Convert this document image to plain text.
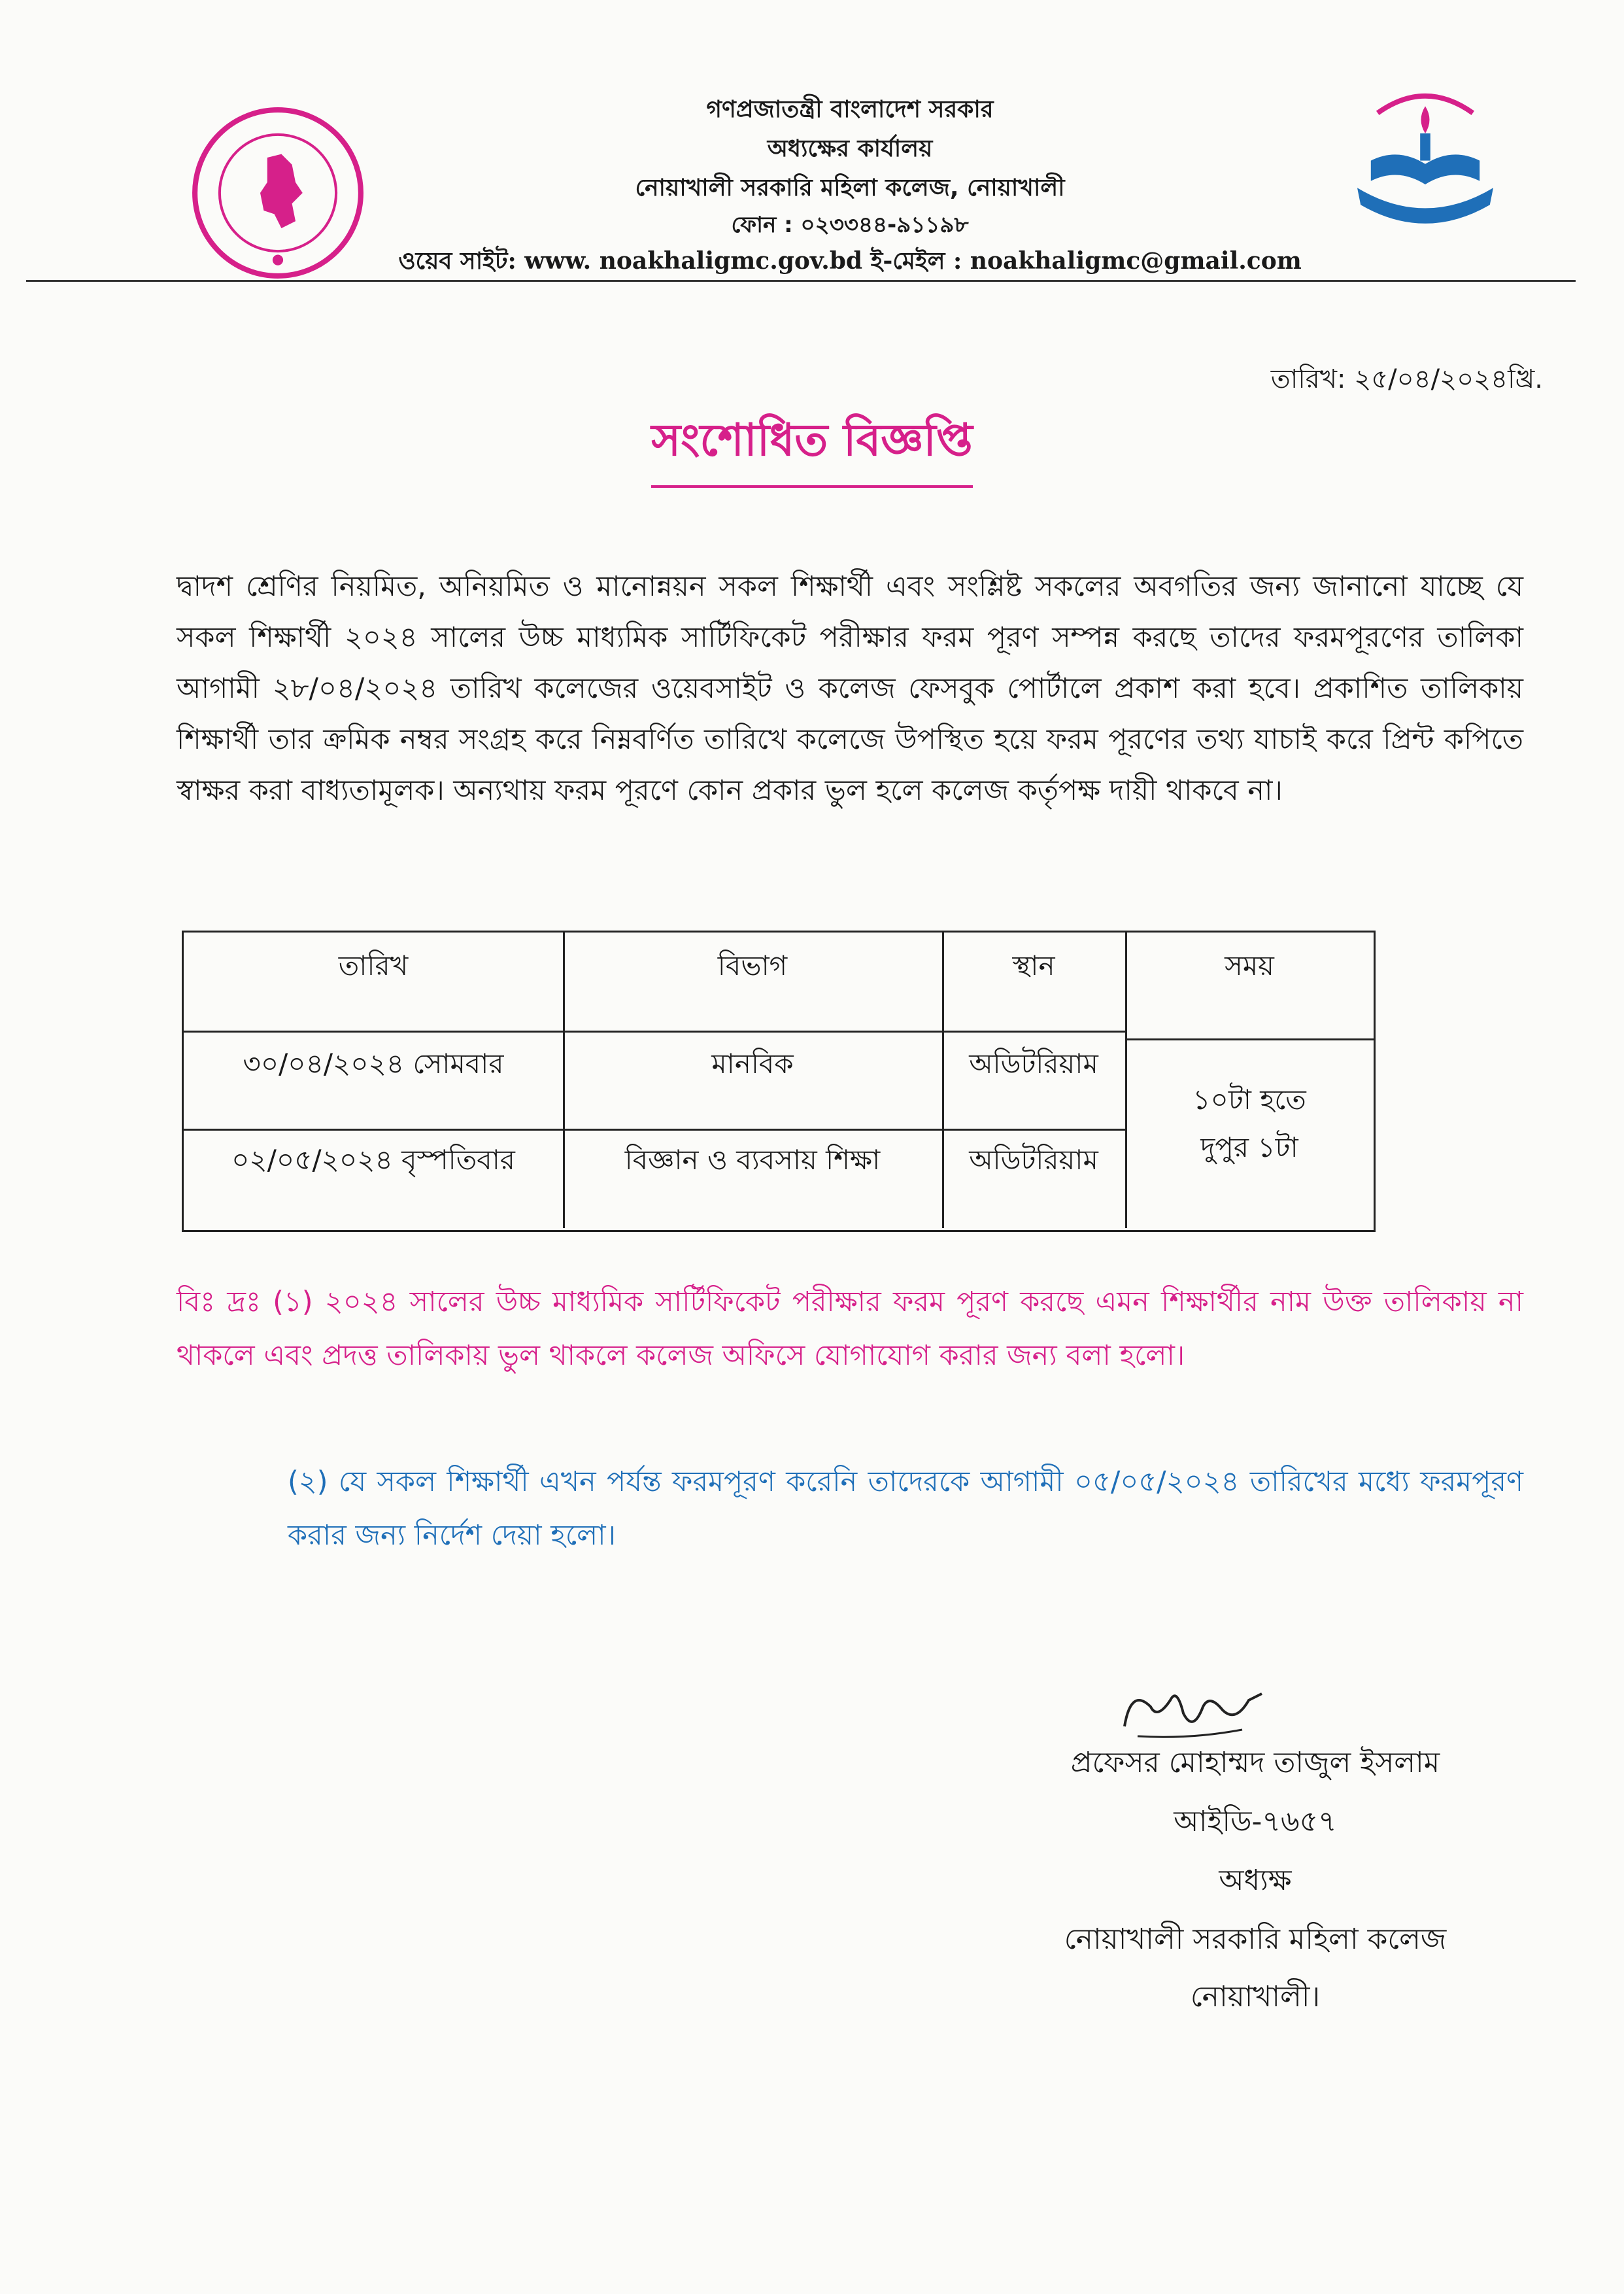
গণপ্রজাতন্ত্রী বাংলাদেশ সরকার
অধ্যক্ষের কার্যালয়
নোয়াখালী সরকারি মহিলা কলেজ, নোয়াখালী
ফোন : ০২৩৩৪৪-৯১১৯৮
ওয়েব সাইট: www. noakhaligmc.gov.bd ই-মেইল : noakhaligmc@gmail.com
তারিখ: ২৫/০৪/২০২৪খ্রি.
সংশোধিত বিজ্ঞপ্তি
দ্বাদশ শ্রেণির নিয়মিত, অনিয়মিত ও মানোন্নয়ন সকল শিক্ষার্থী এবং সংশ্লিষ্ট সকলের অবগতির জন্য জানানো যাচ্ছে যে সকল শিক্ষার্থী ২০২৪ সালের উচ্চ মাধ্যমিক সার্টিফিকেট পরীক্ষার ফরম পূরণ সম্পন্ন করছে তাদের ফরমপূরণের তালিকা আগামী ২৮/০৪/২০২৪ তারিখ কলেজের ওয়েবসাইট ও কলেজ ফেসবুক পোর্টালে প্রকাশ করা হবে। প্রকাশিত তালিকায় শিক্ষার্থী তার ক্রমিক নম্বর সংগ্রহ করে নিম্নবর্ণিত তারিখে কলেজে উপস্থিত হয়ে ফরম পূরণের তথ্য যাচাই করে প্রিন্ট কপিতে স্বাক্ষর করা বাধ্যতামূলক। অন্যথায় ফরম পূরণে কোন প্রকার ভুল হলে কলেজ কর্তৃপক্ষ দায়ী থাকবে না।
তারিখ	বিভাগ	স্থান	সময়
৩০/০৪/২০২৪ সোমবার	মানবিক	অডিটরিয়াম
০২/০৫/২০২৪ বৃস্পতিবার	বিজ্ঞান ও ব্যবসায় শিক্ষা	অডিটরিয়াম
১০টা হতে
দুপুর ১টা
বিঃ দ্রঃ (১) ২০২৪ সালের উচ্চ মাধ্যমিক সার্টিফিকেট পরীক্ষার ফরম পূরণ করছে এমন শিক্ষার্থীর নাম উক্ত তালিকায় না থাকলে এবং প্রদত্ত তালিকায় ভুল থাকলে কলেজ অফিসে যোগাযোগ করার জন্য বলা হলো।
(২) যে সকল শিক্ষার্থী এখন পর্যন্ত ফরমপূরণ করেনি তাদেরকে আগামী ০৫/০৫/২০২৪ তারিখের মধ্যে ফরমপূরণ করার জন্য নির্দেশ দেয়া হলো।
প্রফেসর মোহাম্মদ তাজুল ইসলাম
আইডি-৭৬৫৭
অধ্যক্ষ
নোয়াখালী সরকারি মহিলা কলেজ
নোয়াখালী।
